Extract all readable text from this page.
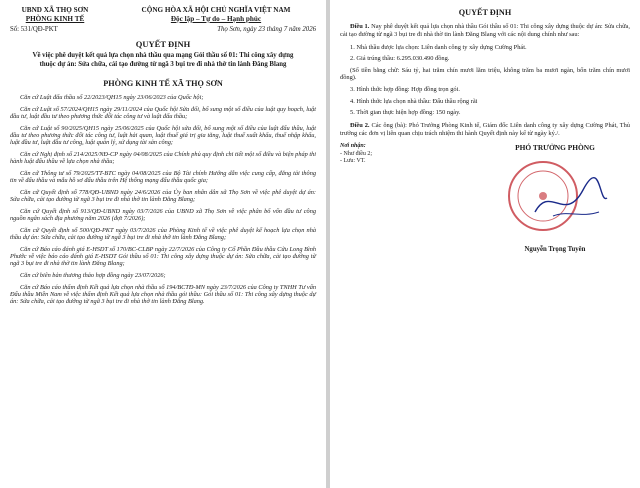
UBND XÃ THỌ SƠN
PHÒNG KINH TẾ
CỘNG HÒA XÃ HỘI CHỦ NGHĨA VIỆT NAM
Độc lập – Tự do – Hạnh phúc
Số: 531/QĐ-PKT	Thọ Sơn, ngày 23 tháng 7 năm 2026
QUYẾT ĐỊNH
Về việc phê duyệt kết quả lựa chọn nhà thầu qua mạng Gói thầu số 01: Thi công xây dựng thuộc dự án: Sửa chữa, cải tạo đường từ ngã 3 bụi tre đi nhà thờ tin lành Đăng Blang
PHÒNG KINH TẾ XÃ THỌ SƠN

Căn cứ Luật đấu thầu số 22/2023/QH15 ngày 23/06/2023 của Quốc hội;

Căn cứ Luật số 57/2024/QH15 ngày 29/11/2024 của Quốc hội Sửa đổi, bổ sung một số điều của luật quy hoạch, luật đầu tư, luật đầu tư theo phương thức đối tác công tư và luật đấu thầu;

Căn cứ Luật số 90/2025/QH15 ngày 25/06/2025 của Quốc hội sửa đổi, bổ sung một số điều của luật đấu thầu, luật đầu tư theo phương thức đối tác công tư, luật hải quan, luật thuế giá trị gia tăng, luật thuế xuất khẩu, thuế nhập khẩu, luật đầu tư, luật đầu tư công, luật quản lý, sử dụng tài sản công;

Căn cứ Nghị định số 214/2025/NĐ-CP ngày 04/08/2025 của Chính phủ quy định chi tiết một số điều và biện pháp thi hành luật đấu thầu về lựa chọn nhà thầu;

Căn cứ Thông tư số 79/2025/TT-BTC ngày 04/08/2025 của Bộ Tài chính Hướng dẫn việc cung cấp, đăng tải thông tin về đấu thầu và mẫu hồ sơ đấu thầu trên Hệ thống mạng đấu thầu quốc gia;

Căn cứ Quyết định số 778/QĐ-UBND ngày 24/6/2026 của Ủy ban nhân dân xã Thọ Sơn về việc phê duyệt dự án: Sửa chữa, cải tạo đường từ ngã 3 bụi tre đi nhà thờ tin lành Đăng Blang;

Căn cứ Quyết định số 913/QĐ-UBND ngày 03/7/2026 của UBND xã Thọ Sơn về việc phân bổ vốn đầu tư công nguồn ngân sách địa phương năm 2026 (đợt 7/2026);

Căn cứ Quyết định số 500/QĐ-PKT ngày 03/7/2026 của Phòng Kinh tế về việc phê duyệt kế hoạch lựa chọn nhà thầu dự án: Sửa chữa, cải tạo đường từ ngã 3 bụi tre đi nhà thờ tin lành Đăng Blang;

Căn cứ Báo cáo đánh giá E-HSDT số 170/BC-CLBP ngày 22/7/2026 của Công ty Cổ Phần Đầu thầu Cửu Long Bình Phước về việc báo cáo đánh giá E-HSDT Gói thầu số 01: Thi công xây dựng thuộc dự án: Sửa chữa, cải tạo đường từ ngã 3 bụi tre đi nhà thờ tin lành Đăng Blang;

Căn cứ biên bản thương thảo hợp đồng ngày 23/07/2026;

Căn cứ Báo cáo thẩm định Kết quả lựa chọn nhà thầu số 194/BCTĐ-MN ngày 23/7/2026 của Công ty TNHH Tư vấn Đấu thầu Miền Nam về việc thẩm định Kết quả lựa chọn nhà thầu gói thầu: Gói thầu số 01: Thi công xây dựng thuộc dự án: Sửa chữa, cải tạo đường từ ngã 3 bụi tre đi nhà thờ tin lành Đăng Blang.

QUYẾT ĐỊNH

Điều 1. Nay phê duyệt kết quả lựa chọn nhà thầu Gói thầu số 01: Thi công xây dựng thuộc dự án: Sửa chữa, cải tạo đường từ ngã 3 bụi tre đi nhà thờ tin lành Đăng Blang với các nội dung chính như sau:

1. Nhà thầu được lựa chọn: Liên danh công ty xây dựng Cường Phát.
2. Giá trúng thầu: 6.295.030.490 đồng.
(Số tiền bằng chữ: Sáu tỷ, hai trăm chín mươi lăm triệu, không trăm ba mươi ngàn, bốn trăm chín mươi đồng).
3. Hình thức hợp đồng: Hợp đồng trọn gói.
4. Hình thức lựa chọn nhà thầu: Đấu thầu rộng rãi
5. Thời gian thực hiện hợp đồng: 150 ngày.

Điều 2. Các ông (bà): Phó Trưởng Phòng Kinh tế, Giám đốc Liên danh công ty xây dựng Cường Phát, Thủ trưởng các đơn vị liên quan chịu trách nhiệm thi hành Quyết định này kể từ ngày ký./.

Nơi nhận:
- Như điều 2;
- Lưu: VT.
PHÓ TRƯỞNG PHÒNG
Nguyễn Trọng Tuyên
